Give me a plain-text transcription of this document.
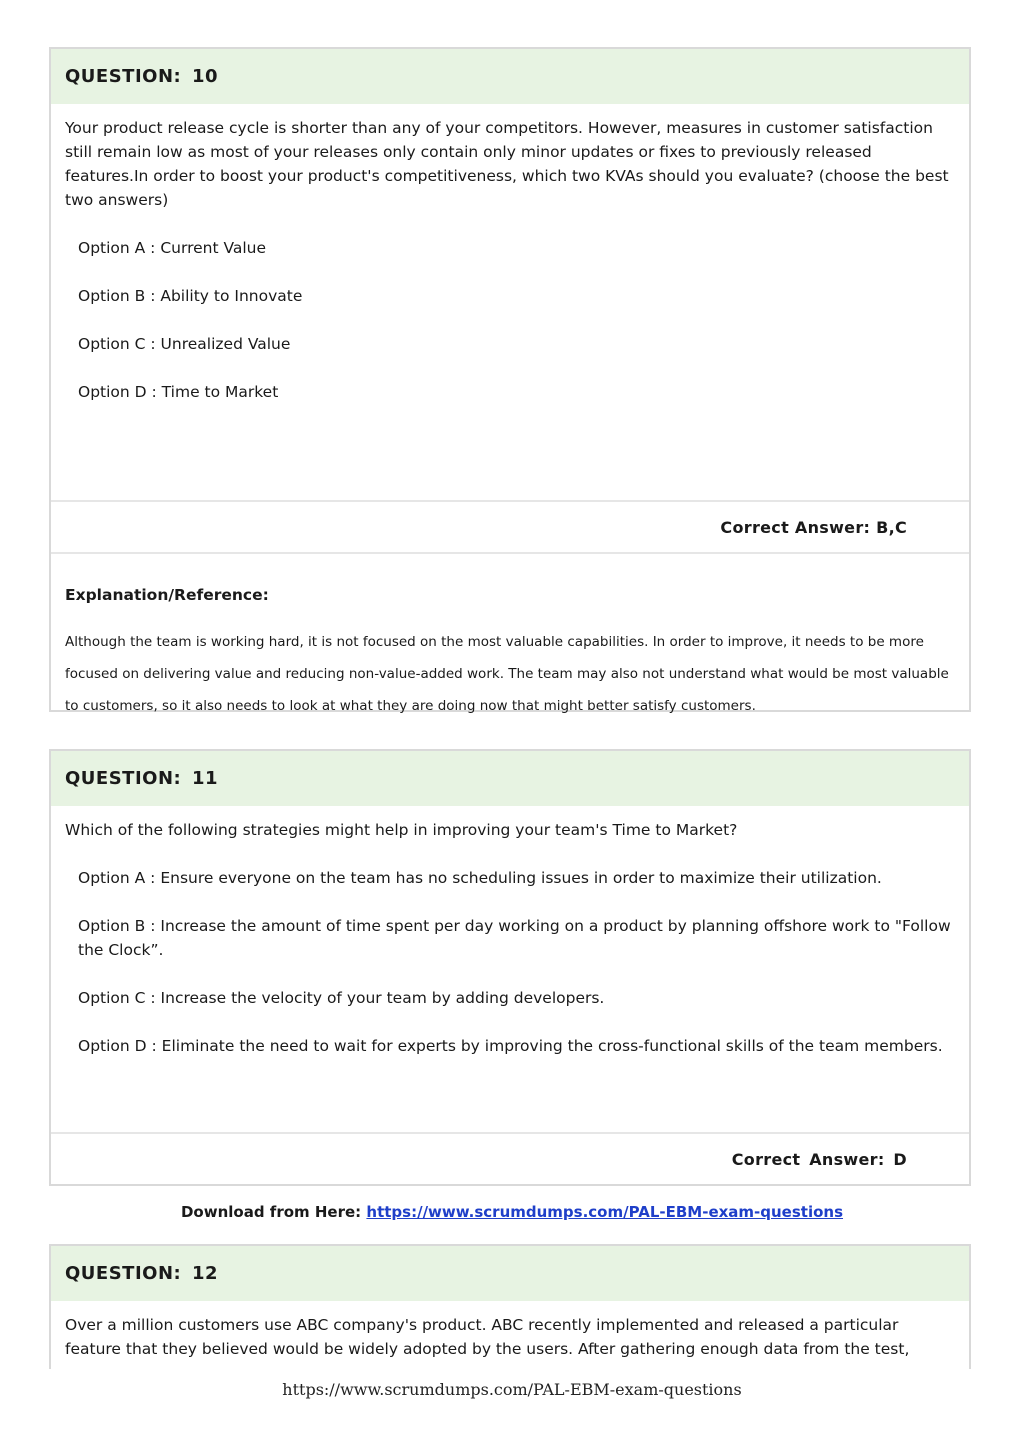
QUESTION: 10

Your product release cycle is shorter than any of your competitors. However, measures in customer satisfaction still remain low as most of your releases only contain only minor updates or fixes to previously released features.In order to boost your product's competitiveness, which two KVAs should you evaluate? (choose the best two answers)

Option A : Current Value
Option B : Ability to Innovate
Option C : Unrealized Value
Option D : Time to Market
Correct Answer: B,C
Explanation/Reference:

Although the team is working hard, it is not focused on the most valuable capabilities. In order to improve, it needs to be more focused on delivering value and reducing non-value-added work. The team may also not understand what would be most valuable to customers, so it also needs to look at what they are doing now that might better satisfy customers.

QUESTION: 11

Which of the following strategies might help in improving your team's Time to Market?

Option A : Ensure everyone on the team has no scheduling issues in order to maximize their utilization.
Option B : Increase the amount of time spent per day working on a product by planning offshore work to "Follow the Clock”.
Option C : Increase the velocity of your team by adding developers.
Option D : Eliminate the need to wait for experts by improving the cross-functional skills of the team members.
Correct Answer: D
Download from Here: https://www.scrumdumps.com/PAL-EBM-exam-questions
QUESTION: 12

Over a million customers use ABC company's product. ABC recently implemented and released a particular feature that they believed would be widely adopted by the users. After gathering enough data from the test,

https://www.scrumdumps.com/PAL-EBM-exam-questions
